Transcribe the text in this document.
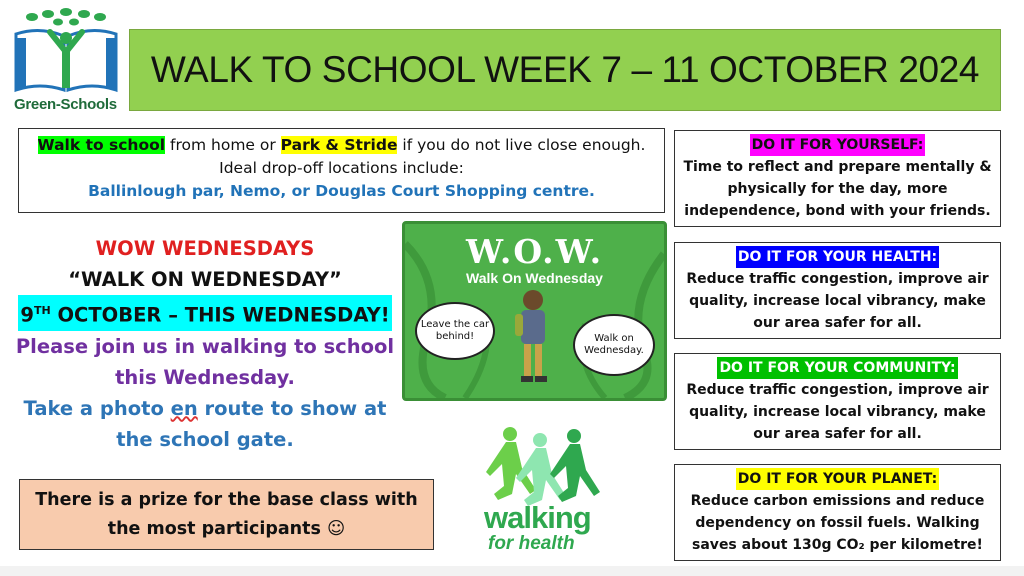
Green-Schools
WALK TO SCHOOL WEEK 7 – 11 OCTOBER 2024
Walk to school from home or Park & Stride if you do not live close enough. Ideal drop-off locations include:
Ballinlough par, Nemo, or Douglas Court Shopping centre.
WOW WEDNESDAYS
“WALK ON WEDNESDAY”
9TH OCTOBER – THIS WEDNESDAY!
Please join us in walking to school this Wednesday.
Take a photo en route to show at the school gate.
W.O.W.
Walk On Wednesday
Leave the car behind!	Walk on Wednesday.
There is a prize for the base class with the most participants ☺	walking
for health
DO IT FOR YOURSELF:
Time to reflect and prepare mentally & physically for the day, more independence, bond with your friends.
DO IT FOR YOUR HEALTH:
Reduce traffic congestion, improve air quality, increase local vibrancy, make our area safer for all.
DO IT FOR YOUR COMMUNITY:
Reduce traffic congestion, improve air quality, increase local vibrancy, make our area safer for all.
DO IT FOR YOUR PLANET:
Reduce carbon emissions and reduce dependency on fossil fuels. Walking saves about 130g CO₂ per kilometre!
